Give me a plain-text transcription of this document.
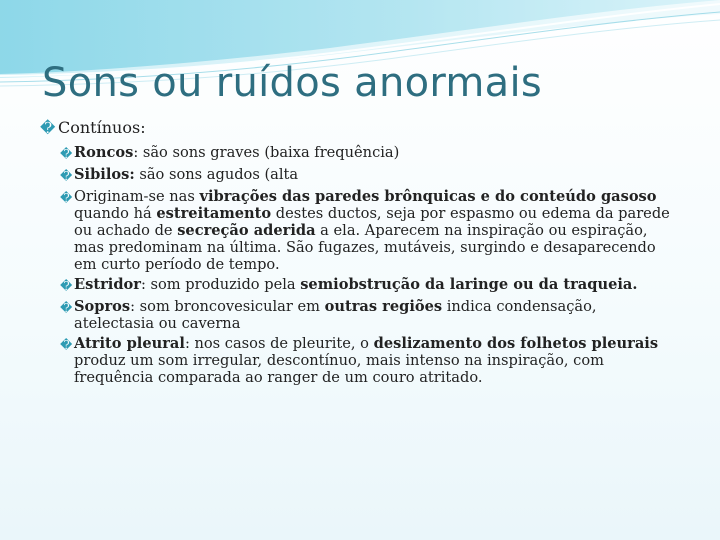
Sons ou ruídos anormais
� Contínuos:
� Roncos: são sons graves (baixa frequência)
� Sibilos: são sons agudos (alta
� Originam-se nas vibrações das paredes brônquicas e do conteúdo gasoso quando há estreitamento destes ductos, seja por espasmo ou edema da parede ou achado de secreção aderida a ela. Aparecem na inspiração ou espiração, mas predominam na última. São fugazes, mutáveis, surgindo e desaparecendo em curto período de tempo.
� Estridor: som produzido pela semiobstrução da laringe ou da traqueia.
� Sopros: som broncovesicular em outras regiões indica condensação, atelectasia ou caverna
� Atrito pleural: nos casos de pleurite, o deslizamento dos folhetos pleurais produz um som irregular, descontínuo, mais intenso na inspiração, com frequência comparada ao ranger de um couro atritado.
